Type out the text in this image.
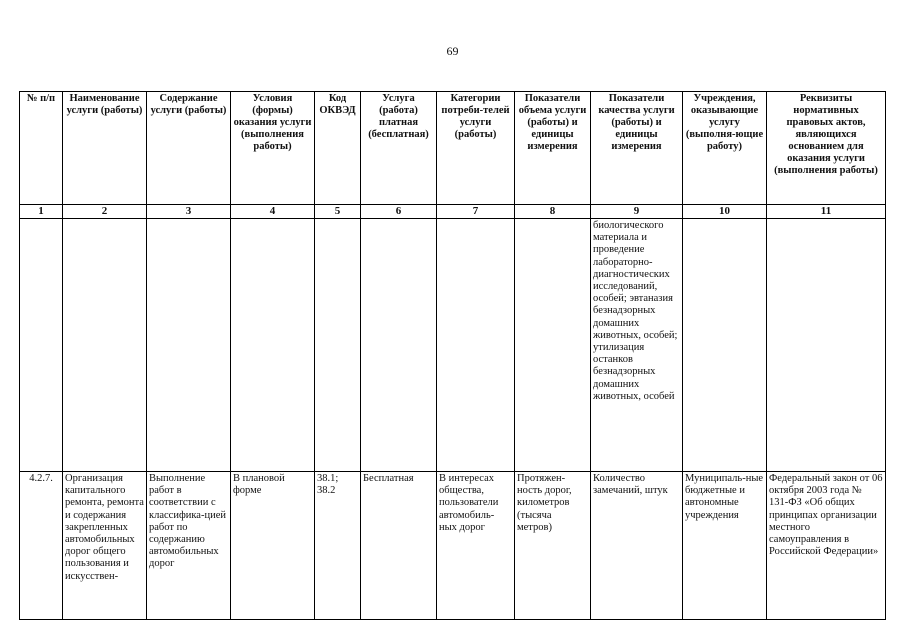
69
№ п/п	Наименование услуги (работы)	Содержание услуги (работы)	Условия (формы) оказания услуги (выполнения работы)	Код ОКВЭД	Услуга (работа) платная (бесплатная)	Категории потреби-телей услуги (работы)	Показатели объема услуги (работы) и единицы измерения	Показатели качества услуги (работы) и единицы измерения	Учреждения, оказывающие услугу (выполня-ющие работу)	Реквизиты нормативных правовых актов, являющихся основанием для оказания услуги (выполнения работы)
1	2	3	4	5	6	7	8	9	10	11
								биологического материала и проведение лабораторно-диагностических исследований, особей; эвтаназия безнадзорных домашних животных, особей; утилизация останков безнадзорных домашних животных, особей		
4.2.7.	Организация капитального ремонта, ремонта и содержания закрепленных автомобильных дорог общего пользования и искусствен-	Выполнение работ в соответствии с классифика-цией работ по содержанию автомобильных дорог	В плановой форме	38.1; 38.2	Бесплатная	В интересах общества, пользователи автомобиль-ных дорог	Протяжен-ность дорог, километров (тысяча метров)	Количество замечаний, штук	Муниципаль-ные бюджетные и автономные учреждения	Федеральный закон от 06 октября 2003 года № 131-ФЗ «Об общих принципах организации местного самоуправления в Российской Федерации»
